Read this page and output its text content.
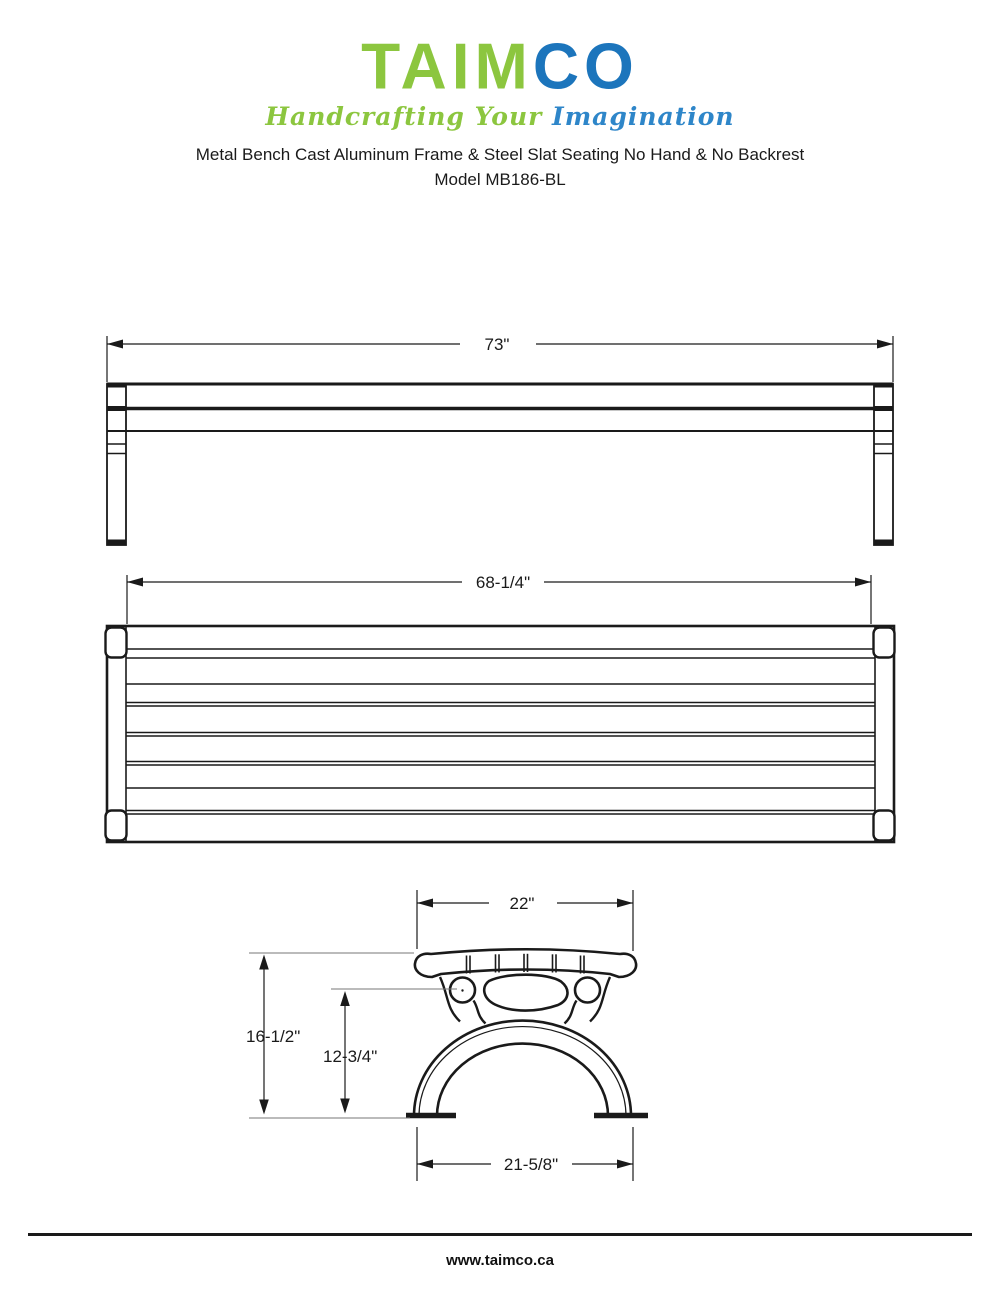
TAIMCO
Handcrafting Your Imagination
Metal Bench Cast Aluminum Frame & Steel Slat Seating No Hand & No Backrest
Model MB186-BL
73"
68-1/4"
22"
16-1/2"
12-3/4"
21-5/8"
www.taimco.ca
